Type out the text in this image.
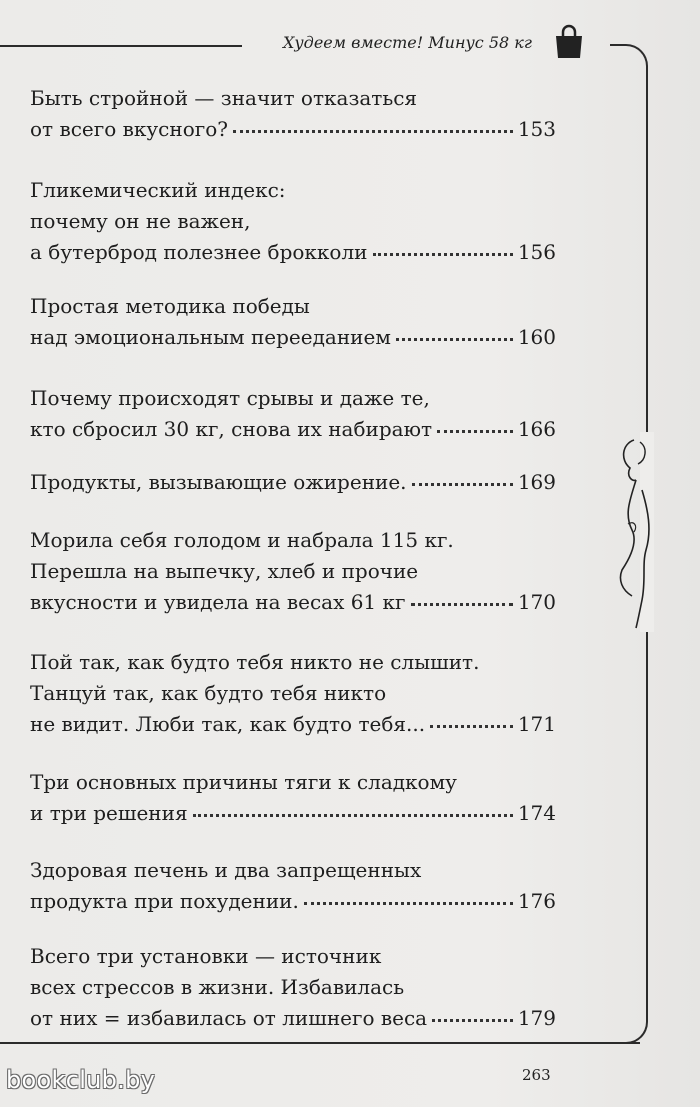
Худеем вместе! Минус 58 кг
Быть стройной — значит отказаться
от всего вкусного?	153
Гликемический индекс:
почему он не важен,
а бутерброд полезнее брокколи	156
Простая методика победы
над эмоциональным перееданием	160
Почему происходят срывы и даже те,
кто сбросил 30 кг, снова их набирают	166
Продукты, вызывающие ожирение.	169
Морила себя голодом и набрала 115 кг.
Перешла на выпечку, хлеб и прочие
вкусности и увидела на весах 61 кг	170
Пой так, как будто тебя никто не слышит.
Танцуй так, как будто тебя никто
не видит. Люби так, как будто тебя...	171
Три основных причины тяги к сладкому
и три решения	174
Здоровая печень и два запрещенных
продукта при похудении.	176
Всего три установки — источник
всех стрессов в жизни. Избавилась
от них = избавилась от лишнего веса	179
263
bookclub.by
